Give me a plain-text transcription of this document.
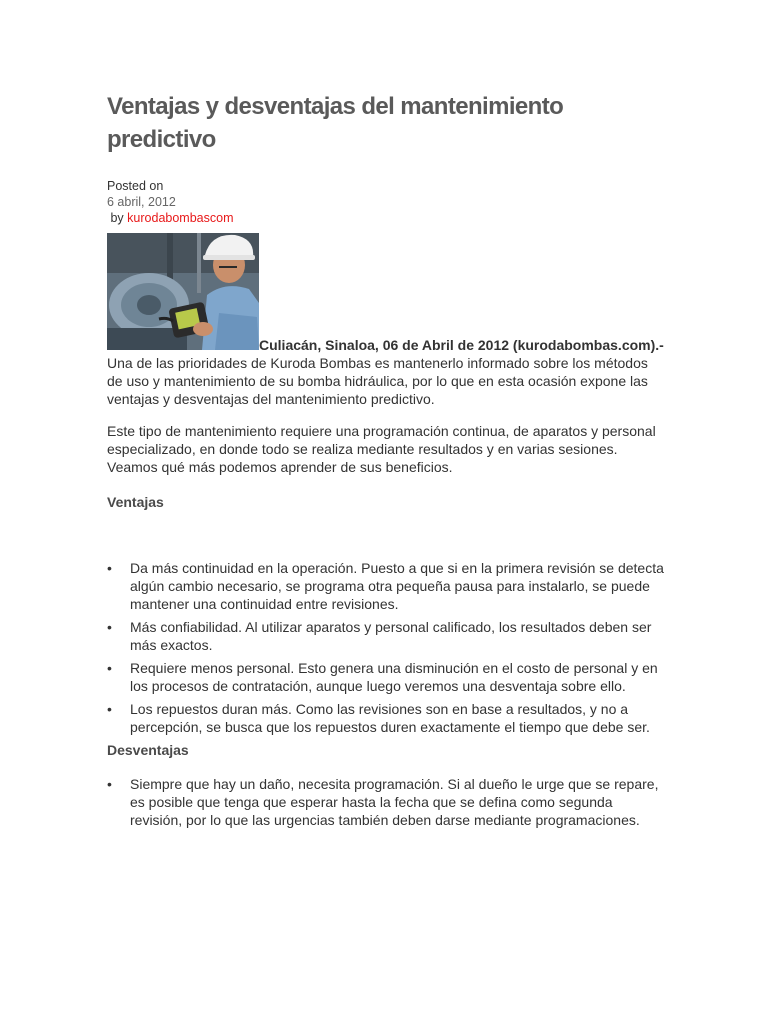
Ventajas y desventajas del mantenimiento predictivo
Posted on
6 abril, 2012
by kurodabombascom
Culiacán, Sinaloa, 06 de Abril de 2012 (kurodabombas.com).- Una de las prioridades de Kuroda Bombas es mantenerlo informado sobre los métodos de uso y mantenimiento de su bomba hidráulica, por lo que en esta ocasión expone las ventajas y desventajas del mantenimiento predictivo.

Este tipo de mantenimiento requiere una programación continua, de aparatos y personal especializado, en donde todo se realiza mediante resultados y en varias sesiones. Veamos qué más podemos aprender de sus beneficios.

Ventajas
• Da más continuidad en la operación. Puesto a que si en la primera revisión se detecta algún cambio necesario, se programa otra pequeña pausa para instalarlo, se puede mantener una continuidad entre revisiones.
• Más confiabilidad. Al utilizar aparatos y personal calificado, los resultados deben ser más exactos.
• Requiere menos personal. Esto genera una disminución en el costo de personal y en los procesos de contratación, aunque luego veremos una desventaja sobre ello.
• Los repuestos duran más. Como las revisiones son en base a resultados, y no a percepción, se busca que los repuestos duren exactamente el tiempo que debe ser.
Desventajas
• Siempre que hay un daño, necesita programación. Si al dueño le urge que se repare, es posible que tenga que esperar hasta la fecha que se defina como segunda revisión, por lo que las urgencias también deben darse mediante programaciones.
